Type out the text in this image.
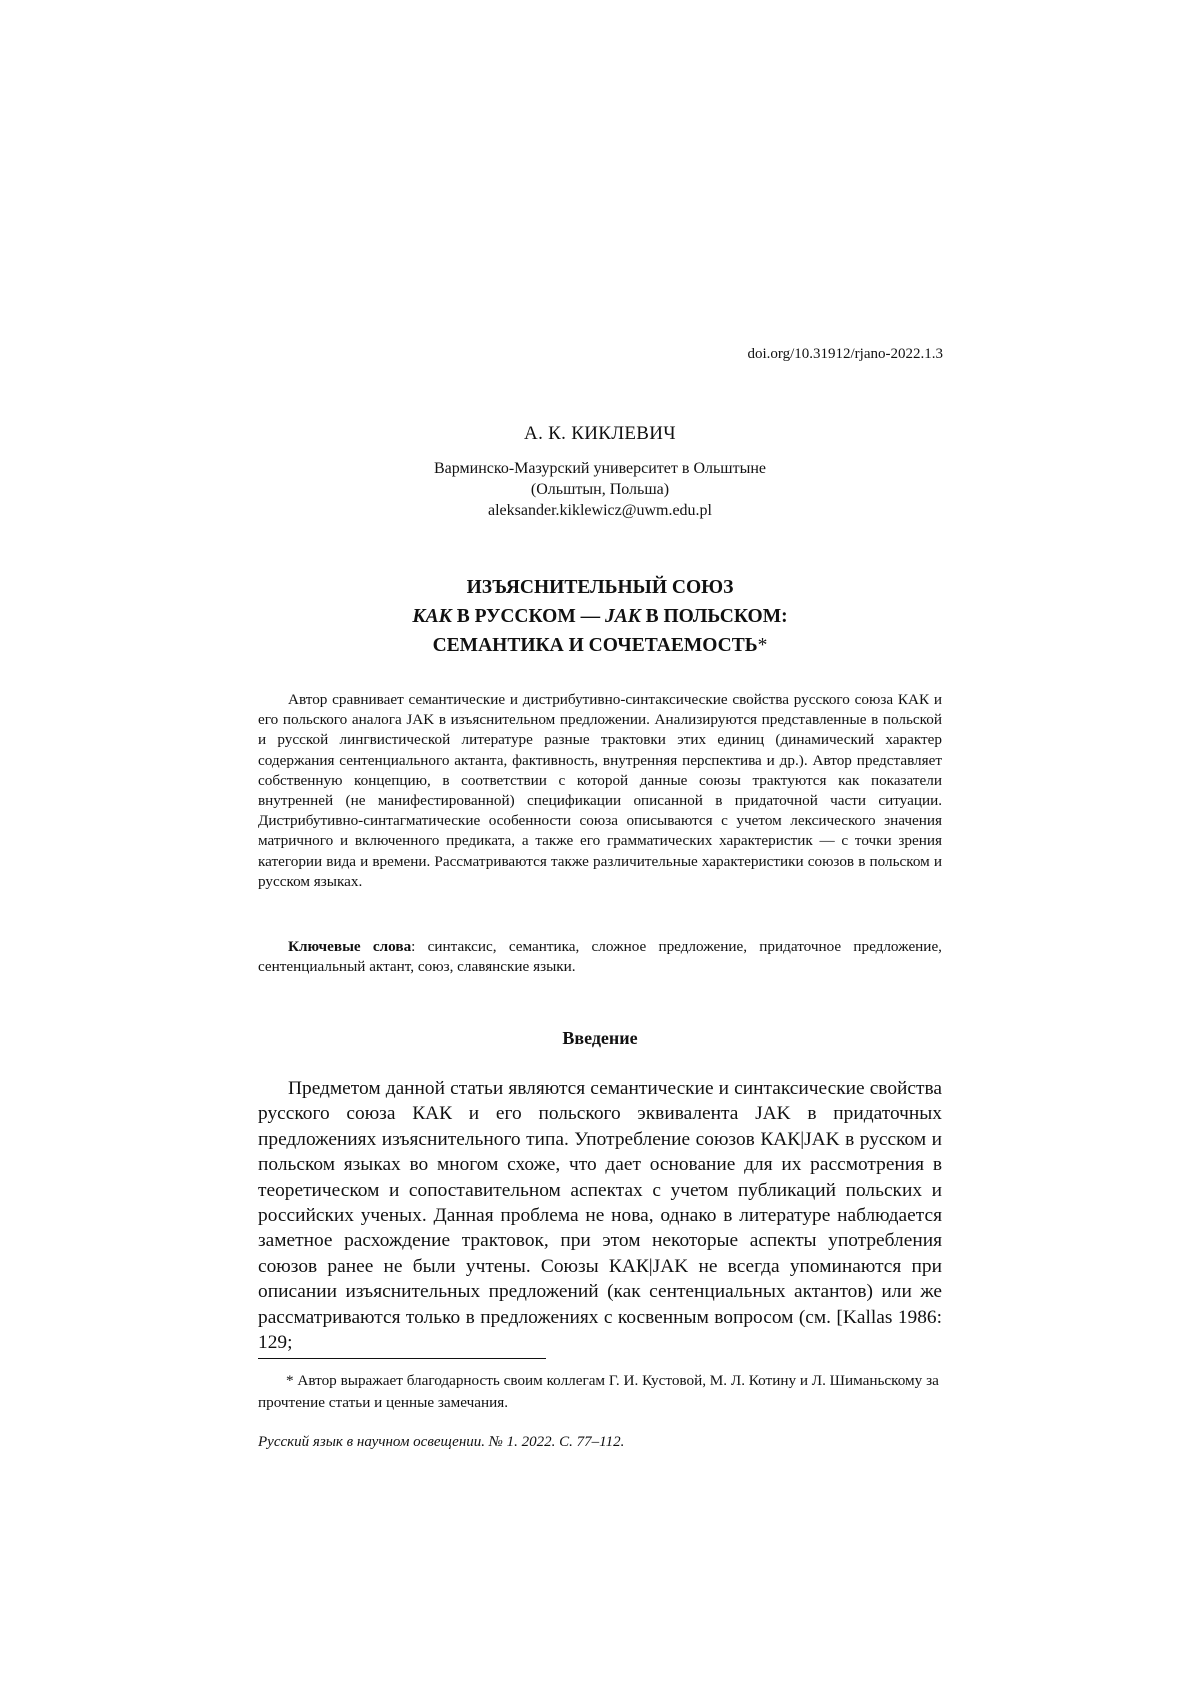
doi.org/10.31912/rjano-2022.1.3
А. К. КИКЛЕВИЧ
Варминско-Мазурский университет в Ольштыне
(Ольштын, Польша)
aleksander.kiklewicz@uwm.edu.pl
ИЗЪЯСНИТЕЛЬНЫЙ СОЮЗ
КАК В РУССКОМ — JAK В ПОЛЬСКОМ:
СЕМАНТИКА И СОЧЕТАЕМОСТЬ*

Автор сравнивает семантические и дистрибутивно-синтаксические свойства русского союза КАК и его польского аналога JAK в изъяснительном предложении. Анализируются представленные в польской и русской лингвистической литературе разные трактовки этих единиц (динамический характер содержания сентенциального актанта, фактивность, внутренняя перспектива и др.). Автор представляет собственную концепцию, в соответствии с которой данные союзы трактуются как показатели внутренней (не манифестированной) спецификации описанной в придаточной части ситуации. Дистрибутивно-синтагматические особенности союза описываются с учетом лексического значения матричного и включенного предиката, а также его грамматических характеристик — с точки зрения категории вида и времени. Рассматриваются также различительные характеристики союзов в польском и русском языках.

Ключевые слова: синтаксис, семантика, сложное предложение, придаточное предложение, сентенциальный актант, союз, славянские языки.

Введение

Предметом данной статьи являются семантические и синтаксические свойства русского союза КАК и его польского эквивалента JAK в придаточных предложениях изъяснительного типа. Употребление союзов КАК|JAK в русском и польском языках во многом схоже, что дает основание для их рассмотрения в теоретическом и сопоставительном аспектах с учетом публикаций польских и российских ученых. Данная проблема не нова, однако в литературе наблюдается заметное расхождение трактовок, при этом некоторые аспекты употребления союзов ранее не были учтены. Союзы КАК|JAK не всегда упоминаются при описании изъяснительных предложений (как сентенциальных актантов) или же рассматриваются только в предложениях с косвенным вопросом (см. [Kallas 1986: 129;

* Автор выражает благодарность своим коллегам Г. И. Кустовой, М. Л. Котину и Л. Шиманьскому за прочтение статьи и ценные замечания.

Русский язык в научном освещении. № 1. 2022. С. 77–112.
